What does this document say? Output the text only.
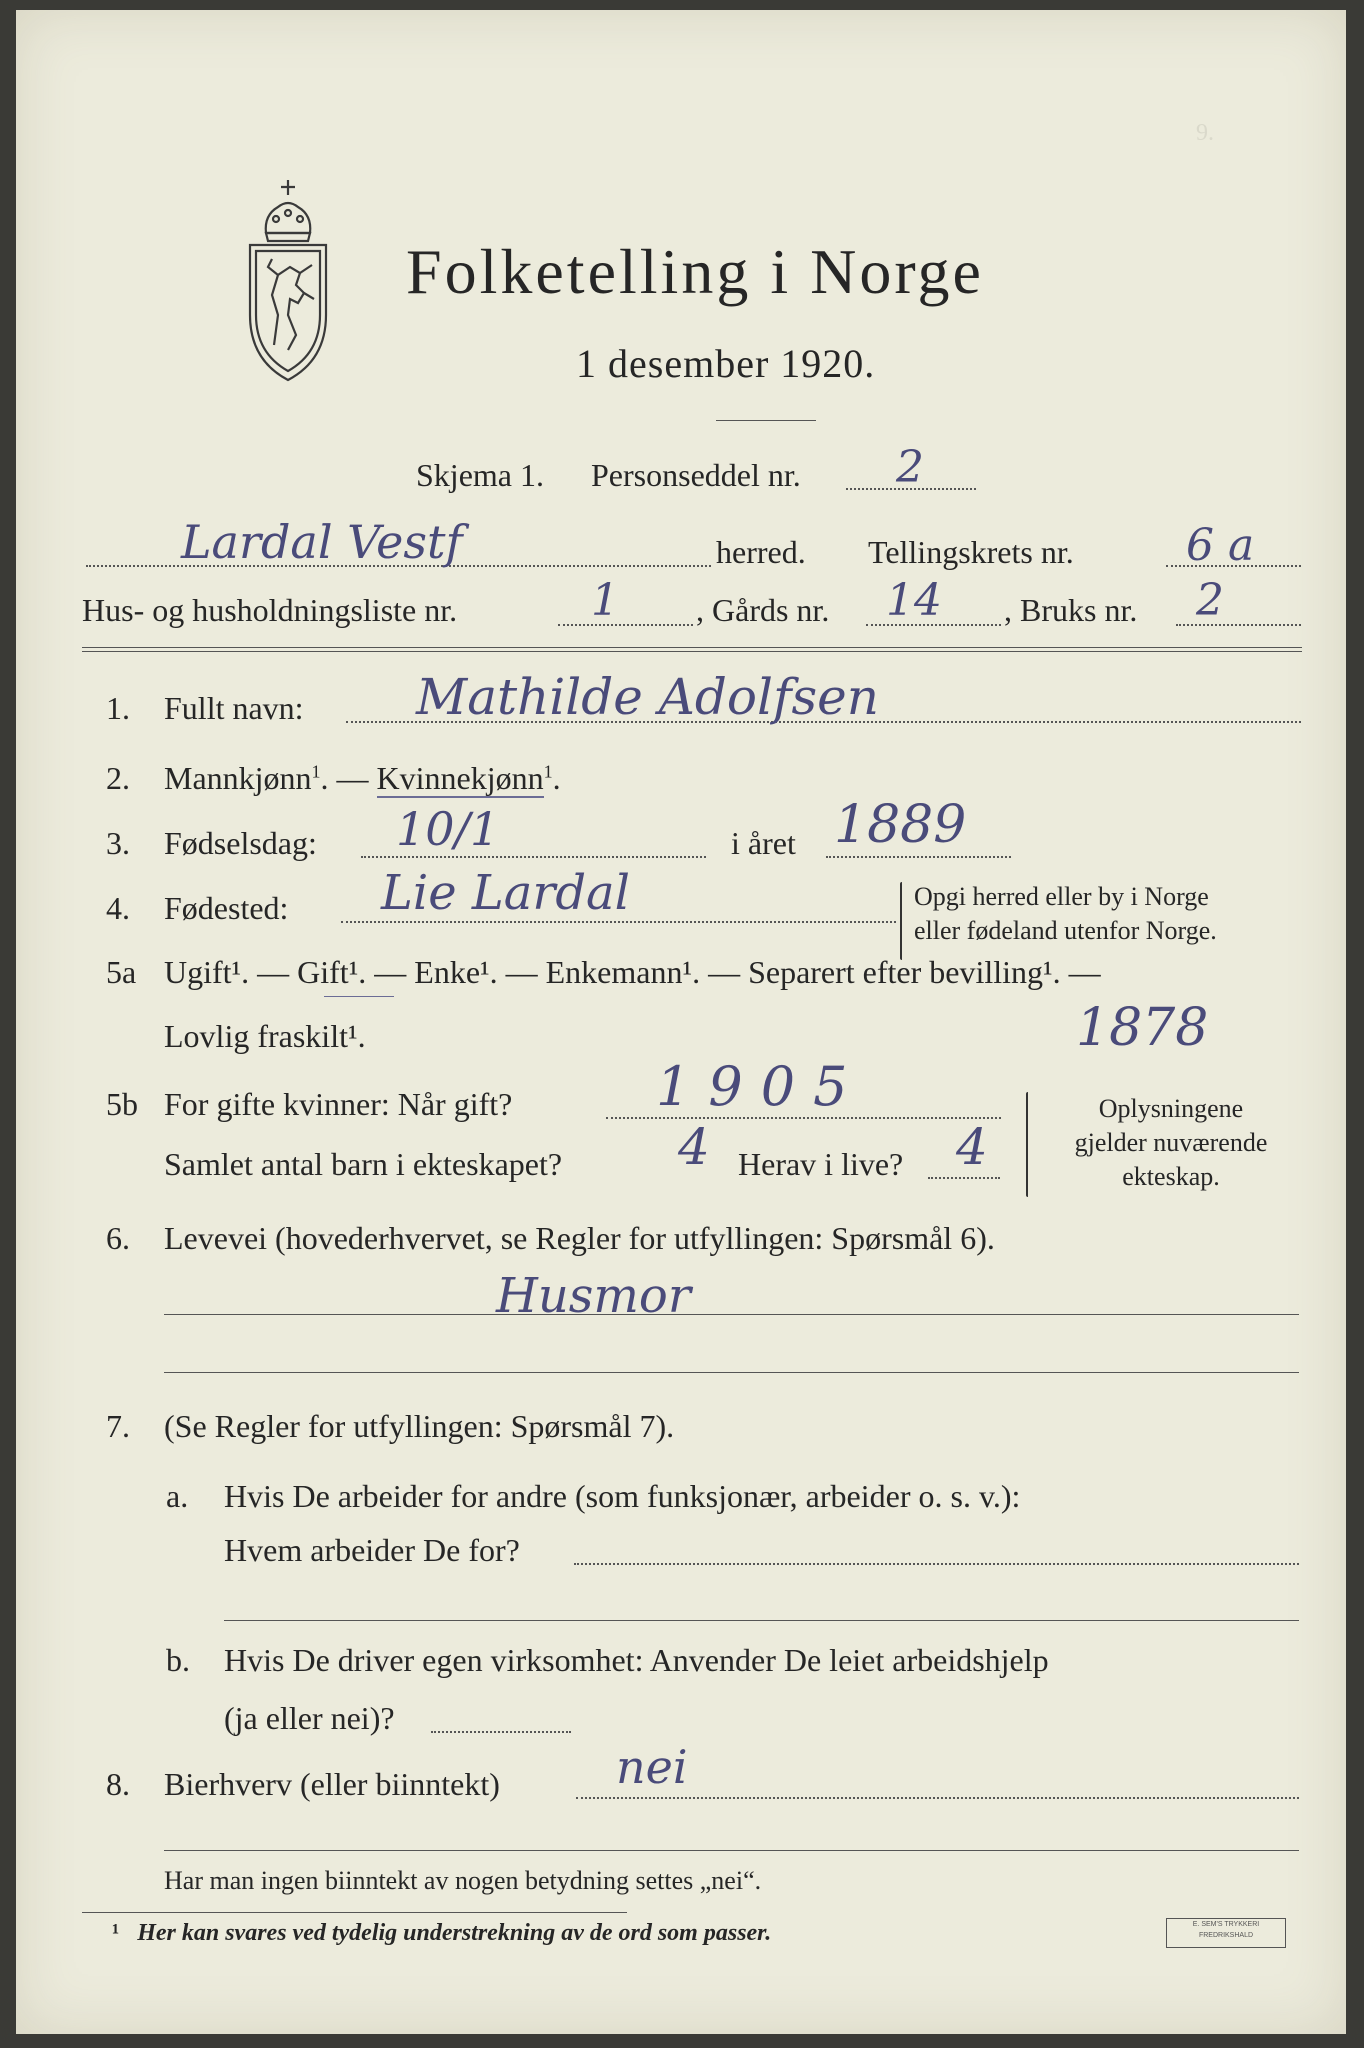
9.
Folketelling i Norge
1 desember 1920.
Skjema 1. Personseddel nr. 2
Lardal Vestf	herred. Tellingskrets nr.	6 a
Hus- og husholdningsliste nr.	1 , Gårds nr. 14 , Bruks nr. 2
1. Fullt navn: Mathilde Adolfsen
2. Mannkjønn$^1$. — Kvinnekjønn$^1$.
3. Fødselsdag: 10/1	i året 1889
4. Fødested: Lie Lardal	Opgi herred eller by i Norge
eller fødeland utenfor Norge.
5a Ugift¹. — Gift¹. — Enke¹. — Enkemann¹. — Separert efter bevilling¹. —
Lovlig fraskilt¹.	1878
5b For gifte kvinner: Når gift?	1905
Samlet antal barn i ekteskapet? 4 Herav i live? 4
Oplysningene
gjelder nuværende
ekteskap.
6. Levevei (hovederhvervet, se Regler for utfyllingen: Spørsmål 6).
Husmor
7. (Se Regler for utfyllingen: Spørsmål 7).
a. Hvis De arbeider for andre (som funksjonær, arbeider o. s. v.):
Hvem arbeider De for?
b. Hvis De driver egen virksomhet: Anvender De leiet arbeidshjelp
(ja eller nei)?
8. Bierhverv (eller biinntekt)	nei
Har man ingen biinntekt av nogen betydning settes „nei“.
¹ Her kan svares ved tydelig understrekning av de ord som passer.	E. SEM'S TRYKKERI
FREDRIKSHALD
